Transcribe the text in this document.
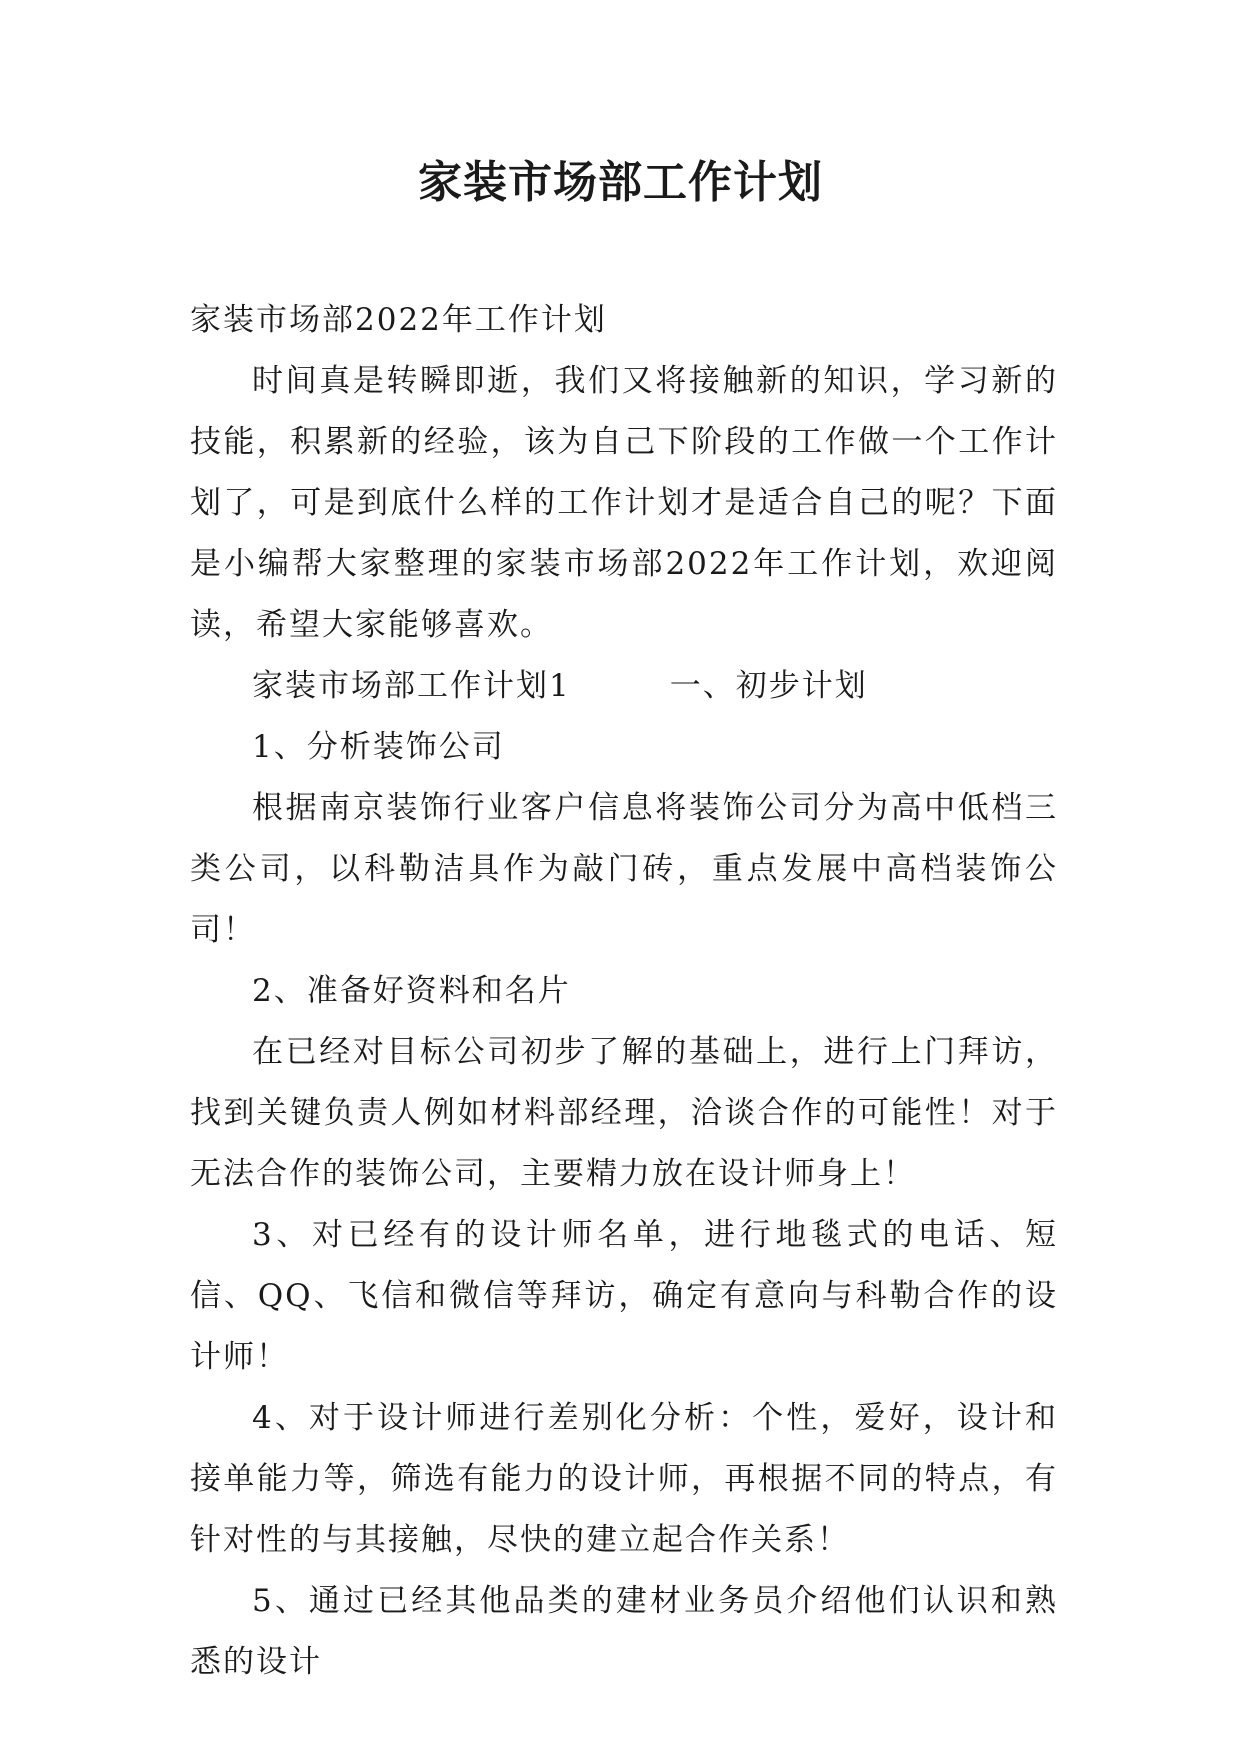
家装市场部工作计划

家装市场部2022年工作计划

时间真是转瞬即逝，我们又将接触新的知识，学习新的技能，积累新的经验，该为自己下阶段的工作做一个工作计划了，可是到底什么样的工作计划才是适合自己的呢？下面是小编帮大家整理的家装市场部2022年工作计划，欢迎阅读，希望大家能够喜欢。

家装市场部工作计划1　　　一、初步计划

1、分析装饰公司

根据南京装饰行业客户信息将装饰公司分为高中低档三类公司，以科勒洁具作为敲门砖，重点发展中高档装饰公司！

2、准备好资料和名片

在已经对目标公司初步了解的基础上，进行上门拜访，找到关键负责人例如材料部经理，洽谈合作的可能性！对于无法合作的装饰公司，主要精力放在设计师身上！

3、对已经有的设计师名单，进行地毯式的电话、短信、QQ、飞信和微信等拜访，确定有意向与科勒合作的设计师！

4、对于设计师进行差别化分析：个性，爱好，设计和接单能力等，筛选有能力的设计师，再根据不同的特点，有针对性的与其接触，尽快的建立起合作关系！

5、通过已经其他品类的建材业务员介绍他们认识和熟悉的设计
